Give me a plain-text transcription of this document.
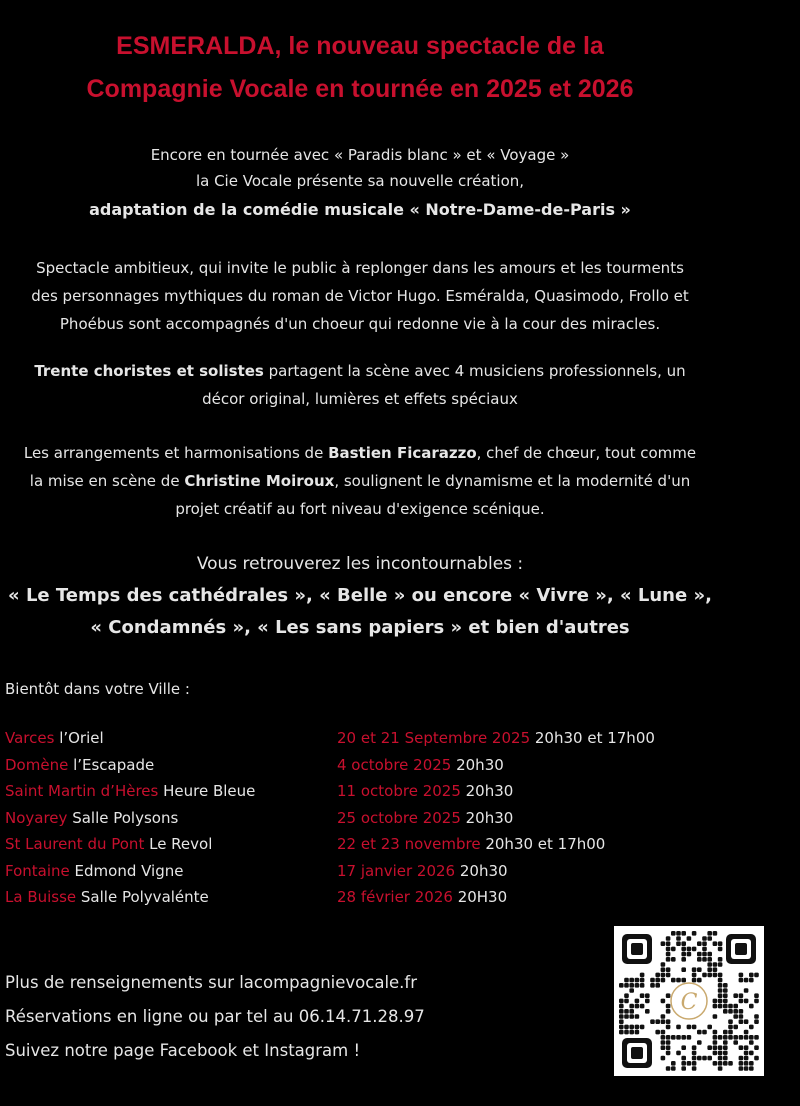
ESMERALDA, le nouveau spectacle de la
Compagnie Vocale en tournée en 2025 et 2026
Encore en tournée avec « Paradis blanc » et « Voyage »
la Cie Vocale présente sa nouvelle création,
adaptation de la comédie musicale « Notre-Dame-de-Paris »
Spectacle ambitieux, qui invite le public à replonger dans les amours et les tourments
des personnages mythiques du roman de Victor Hugo. Esméralda, Quasimodo, Frollo et
Phoébus sont accompagnés d'un choeur qui redonne vie à la cour des miracles.
Trente choristes et solistes partagent la scène avec 4 musiciens professionnels, un
décor original, lumières et effets spéciaux
Les arrangements et harmonisations de Bastien Ficarazzo, chef de chœur, tout comme
la mise en scène de Christine Moiroux, soulignent le dynamisme et la modernité d'un
projet créatif au fort niveau d'exigence scénique.
Vous retrouverez les incontournables :
« Le Temps des cathédrales », « Belle » ou encore « Vivre », « Lune »,
« Condamnés », « Les sans papiers » et bien d'autres
Bientôt dans votre Ville :
Varces l’Oriel	20 et 21 Septembre 2025 20h30 et 17h00
Domène l’Escapade	4 octobre 2025 20h30
Saint Martin d’Hères Heure Bleue	11 octobre 2025 20h30
Noyarey Salle Polysons	25 octobre 2025 20h30
St Laurent du Pont Le Revol	22 et 23 novembre 20h30 et 17h00
Fontaine Edmond Vigne	17 janvier 2026 20h30
La Buisse Salle Polyvalénte	28 février 2026 20H30
Plus de renseignements sur lacompagnievocale.fr
Réservations en ligne ou par tel au 06.14.71.28.97
Suivez notre page Facebook et Instagram !
C
